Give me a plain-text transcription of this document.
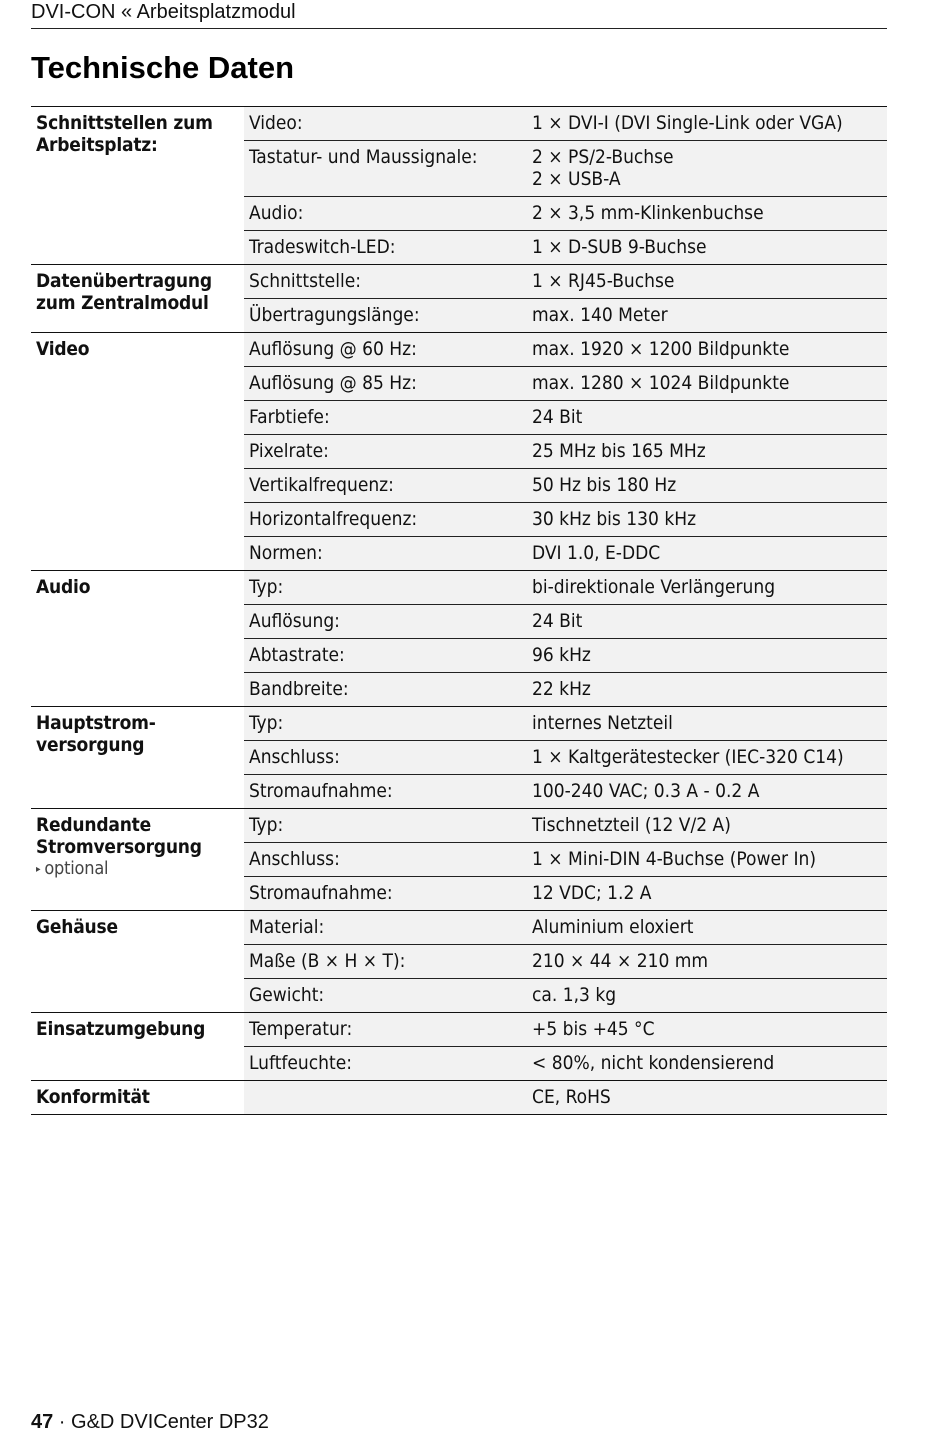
DVI-CON « Arbeitsplatzmodul
Technische Daten
Schnittstellen zum
Arbeitsplatz:	Video:	1 × DVI-I (DVI Single-Link oder VGA)

	Tastatur- und Maussignale:	2 × PS/2-Buchse
2 × USB-A

	Audio:	2 × 3,5 mm-Klinkenbuchse

	Tradeswitch-LED:	1 × D-SUB 9-Buchse

Datenübertragung
zum Zentralmodul	Schnittstelle:	1 × RJ45-Buchse

	Übertragungslänge:	max. 140 Meter

Video	Auflösung @ 60 Hz:	max. 1920 × 1200 Bildpunkte

	Auflösung @ 85 Hz:	max. 1280 × 1024 Bildpunkte

	Farbtiefe:	24 Bit

	Pixelrate:	25 MHz bis 165 MHz

	Vertikalfrequenz:	50 Hz bis 180 Hz

	Horizontalfrequenz:	30 kHz bis 130 kHz

	Normen:	DVI 1.0, E-DDC

Audio	Typ:	bi-direktionale Verlängerung

	Auflösung:	24 Bit

	Abtastrate:	96 kHz

	Bandbreite:	22 kHz

Hauptstrom-
versorgung	Typ:	internes Netzteil

	Anschluss:	1 × Kaltgerätestecker (IEC-320 C14)

	Stromaufnahme:	100-240 VAC; 0.3 A - 0.2 A

Redundante
Stromversorgung
▸ optional	Typ:	Tischnetzteil (12 V/2 A)

	Anschluss:	1 × Mini-DIN 4-Buchse (Power In)

	Stromaufnahme:	12 VDC; 1.2 A

Gehäuse	Material:	Aluminium eloxiert

	Maße (B × H × T):	210 × 44 × 210 mm

	Gewicht:	ca. 1,3 kg

Einsatzumgebung	Temperatur:	+5 bis +45 °C

	Luftfeuchte:	< 80%, nicht kondensierend

Konformität		CE, RoHS
47 · G&D DVICenter DP32
